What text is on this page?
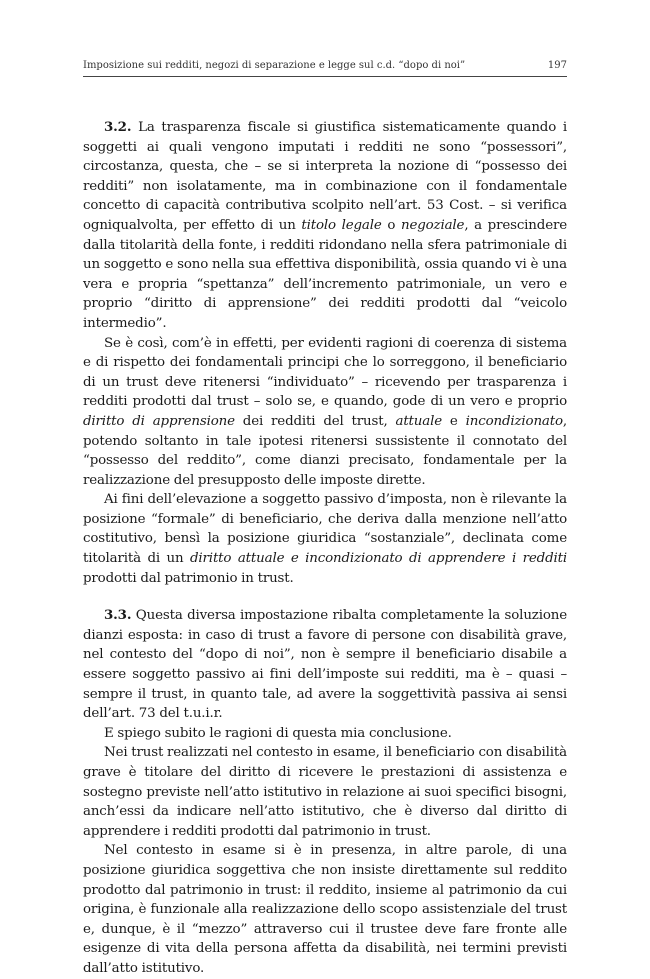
Imposizione sui redditi, negozi di separazione e legge sul c.d. “dopo di noi”	197

3.2. La trasparenza fiscale si giustifica sistematicamente quando i soggetti ai quali vengono imputati i redditi ne sono “possessori”, circostanza, questa, che – se si interpreta la nozione di “possesso dei redditi” non isolatamente, ma in combinazione con il fondamentale concetto di capacità contributiva scolpito nell’art. 53 Cost. – si verifica ogniqualvolta, per effetto di un titolo legale o negoziale, a prescindere dalla titolarità della fonte, i redditi ridondano nella sfera patrimoniale di un soggetto e sono nella sua effettiva disponibilità, ossia quando vi è una vera e propria “spettanza” dell’incremento patrimoniale, un vero e proprio “diritto di apprensione” dei redditi prodotti dal “veicolo intermedio”.

Se è così, com’è in effetti, per evidenti ragioni di coerenza di sistema e di rispetto dei fondamentali principi che lo sorreggono, il beneficiario di un trust deve ritenersi “individuato” – ricevendo per trasparenza i redditi prodotti dal trust – solo se, e quando, gode di un vero e proprio diritto di apprensione dei redditi del trust, attuale e incondizionato, potendo soltanto in tale ipotesi ritenersi sussistente il connotato del “possesso del reddito”, come dianzi precisato, fondamentale per la realizzazione del presupposto delle imposte dirette.

Ai fini dell’elevazione a soggetto passivo d’imposta, non è rilevante la posizione “formale” di beneficiario, che deriva dalla menzione nell’atto costitutivo, bensì la posizione giuridica “sostanziale”, declinata come titolarità di un diritto attuale e incondizionato di apprendere i redditi prodotti dal patrimonio in trust.

3.3. Questa diversa impostazione ribalta completamente la soluzione dianzi esposta: in caso di trust a favore di persone con disabilità grave, nel contesto del “dopo di noi”, non è sempre il beneficiario disabile a essere soggetto passivo ai fini dell’imposte sui redditi, ma è – quasi – sempre il trust, in quanto tale, ad avere la soggettività passiva ai sensi dell’art. 73 del t.u.i.r.

E spiego subito le ragioni di questa mia conclusione.

Nei trust realizzati nel contesto in esame, il beneficiario con disabilità grave è titolare del diritto di ricevere le prestazioni di assistenza e sostegno previste nell’atto istitutivo in relazione ai suoi specifici bisogni, anch’essi da indicare nell’atto istitutivo, che è diverso dal diritto di apprendere i redditi prodotti dal patrimonio in trust.

Nel contesto in esame si è in presenza, in altre parole, di una posizione giuridica soggettiva che non insiste direttamente sul reddito prodotto dal patrimonio in trust: il reddito, insieme al patrimonio da cui origina, è funzionale alla realizzazione dello scopo assistenziale del trust e, dunque, è il “mezzo” attraverso cui il trustee deve fare fronte alle esigenze di vita della persona affetta da disabilità, nei termini previsti dall’atto istitutivo.
